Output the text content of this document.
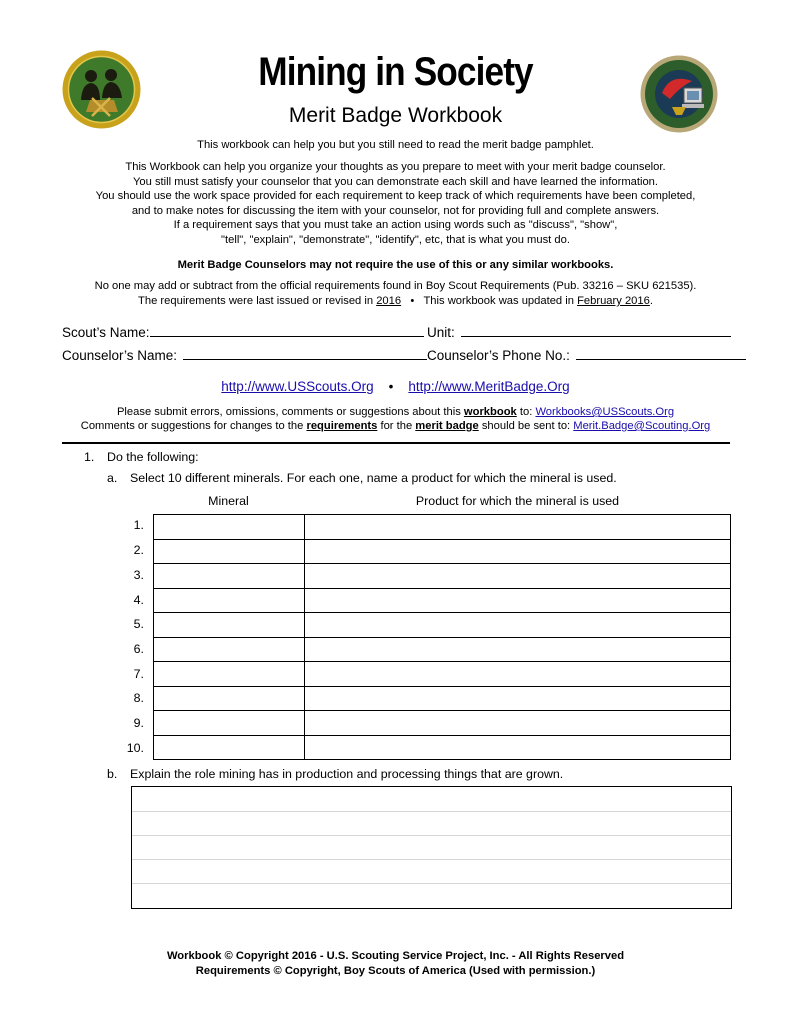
Mining in Society
Merit Badge Workbook
This workbook can help you but you still need to read the merit badge pamphlet.
This Workbook can help you organize your thoughts as you prepare to meet with your merit badge counselor.
You still must satisfy your counselor that you can demonstrate each skill and have learned the information.
You should use the work space provided for each requirement to keep track of which requirements have been completed,
and to make notes for discussing the item with your counselor, not for providing full and complete answers.
If a requirement says that you must take an action using words such as "discuss", "show",
"tell", "explain", "demonstrate", "identify", etc, that is what you must do.
Merit Badge Counselors may not require the use of this or any similar workbooks.
No one may add or subtract from the official requirements found in Boy Scout Requirements (Pub. 33216 – SKU 621535).
The requirements were last issued or revised in 2016 • This workbook was updated in February 2016.
Scout’s Name:	Unit:
Counselor’s Name:	Counselor’s Phone No.:
http://www.USScouts.Org • http://www.MeritBadge.Org
Please submit errors, omissions, comments or suggestions about this workbook to: Workbooks@USScouts.Org
Comments or suggestions for changes to the requirements for the merit badge should be sent to: Merit.Badge@Scouting.Org
1. Do the following:
a. Select 10 different minerals. For each one, name a product for which the mineral is used.
Mineral	Product for which the mineral is used
1.
2.
3.
4.
5.
6.
7.
8.
9.
10.

b. Explain the role mining has in production and processing things that are grown.
Workbook © Copyright 2016 - U.S. Scouting Service Project, Inc. - All Rights Reserved
Requirements © Copyright, Boy Scouts of America (Used with permission.)
